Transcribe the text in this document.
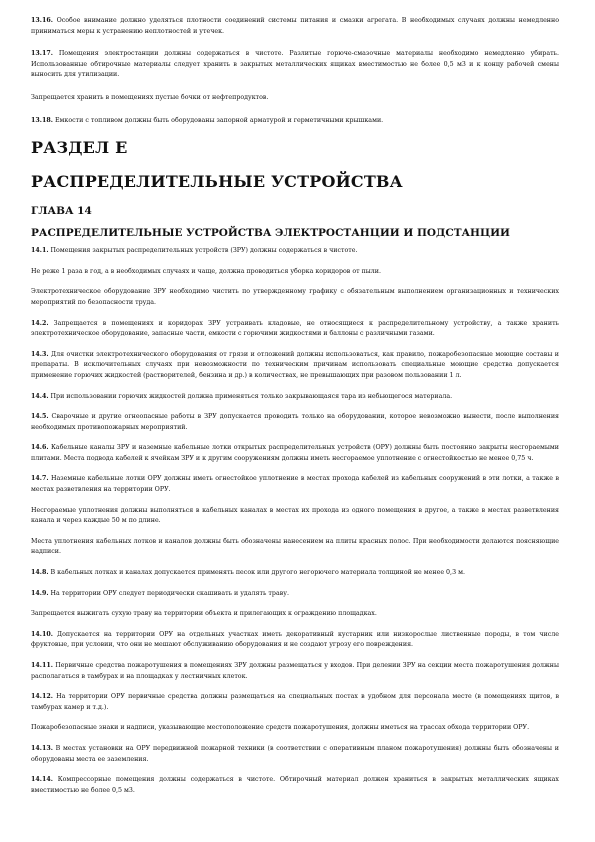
13.16. Особое внимание должно уделяться плотности соединений системы питания и смазки агрегата. В необходимых случаях должны немедленно приниматься меры к устранению неплотностей и утечек.

13.17. Помещения электростанции должны содержаться в чистоте. Разлитые горюче-смазочные материалы необходимо немедленно убирать. Использованные обтирочные материалы следует хранить в закрытых металлических ящиках вместимостью не более 0,5 м3 и к концу рабочей смены выносить для утилизации.

Запрещается хранить в помещениях пустые бочки от нефтепродуктов.

13.18. Емкости с топливом должны быть оборудованы запорной арматурой и герметичными крышками.

РАЗДЕЛ Е
РАСПРЕДЕЛИТЕЛЬНЫЕ УСТРОЙСТВА
ГЛАВА 14
РАСПРЕДЕЛИТЕЛЬНЫЕ УСТРОЙСТВА ЭЛЕКТРОСТАНЦИИ И ПОДСТАНЦИИ

14.1. Помещения закрытых распределительных устройств (ЗРУ) должны содержаться в чистоте.

Не реже 1 раза в год, а в необходимых случаях и чаще, должна проводиться уборка коридоров от пыли.

Электротехническое оборудование ЗРУ необходимо чистить по утвержденному графику с обязательным выполнением организационных и технических мероприятий по безопасности труда.

14.2. Запрещается в помещениях и коридорах ЗРУ устраивать кладовые, не относящиеся к распределительному устройству, а также хранить электротехническое оборудование, запасные части, емкости с горючими жидкостями и баллоны с различными газами.

14.3. Для очистки электротехнического оборудования от грязи и отложений должны использоваться, как правило, пожаробезопасные моющие составы и препараты. В исключительных случаях при невозможности по техническим причинам использовать специальные моющие средства допускается применение горючих жидкостей (растворителей, бензина и др.) в количествах, не превышающих при разовом пользовании 1 л.

14.4. При использовании горючих жидкостей должна применяться только закрывающаяся тара из небьющегося материала.

14.5. Сварочные и другие огнеопасные работы в ЗРУ допускается проводить только на оборудовании, которое невозможно вынести, после выполнения необходимых противопожарных мероприятий.

14.6. Кабельные каналы ЗРУ и наземные кабельные лотки открытых распределительных устройств (ОРУ) должны быть постоянно закрыты несгораемыми плитами. Места подвода кабелей к ячейкам ЗРУ и к другим сооружениям должны иметь несгораемое уплотнение с огнестойкостью не менее 0,75 ч.

14.7. Наземные кабельные лотки ОРУ должны иметь огнестойкое уплотнение в местах прохода кабелей из кабельных сооружений в эти лотки, а также в местах разветвления на территории ОРУ.

Несгораемые уплотнения должны выполняться в кабельных каналах в местах их прохода из одного помещения в другое, а также в местах разветвления канала и через каждые 50 м по длине.

Места уплотнения кабельных лотков и каналов должны быть обозначены нанесением на плиты красных полос. При необходимости делаются поясняющие надписи.

14.8. В кабельных лотках и каналах допускается применять песок или другого негорючего материала толщиной не менее 0,3 м.

14.9. На территории ОРУ следует периодически скашивать и удалять траву.

Запрещается выжигать сухую траву на территории объекта и прилегающих к ограждению площадках.

14.10. Допускается на территории ОРУ на отдельных участках иметь декоративный кустарник или низкорослые лиственные породы, в том числе фруктовые, при условии, что они не мешают обслуживанию оборудования и не создают угрозу его повреждения.

14.11. Первичные средства пожаротушения в помещениях ЗРУ должны размещаться у входов. При делении ЗРУ на секции места пожаротушения должны располагаться в тамбурах и на площадках у лестничных клеток.

14.12. На территории ОРУ первичные средства должны размещаться на специальных постах в удобном для персонала месте (в помещениях щитов, в тамбурах камер и т.д.).

Пожаробезопасные знаки и надписи, указывающие местоположение средств пожаротушения, должны иметься на трассах обхода территории ОРУ.

14.13. В местах установки на ОРУ передвижной пожарной техники (в соответствии с оперативным планом пожаротушения) должны быть обозначены и оборудованы места ее заземления.

14.14. Компрессорные помещения должны содержаться в чистоте. Обтирочный материал должен храниться в закрытых металлических ящиках вместимостью не более 0,5 м3.
